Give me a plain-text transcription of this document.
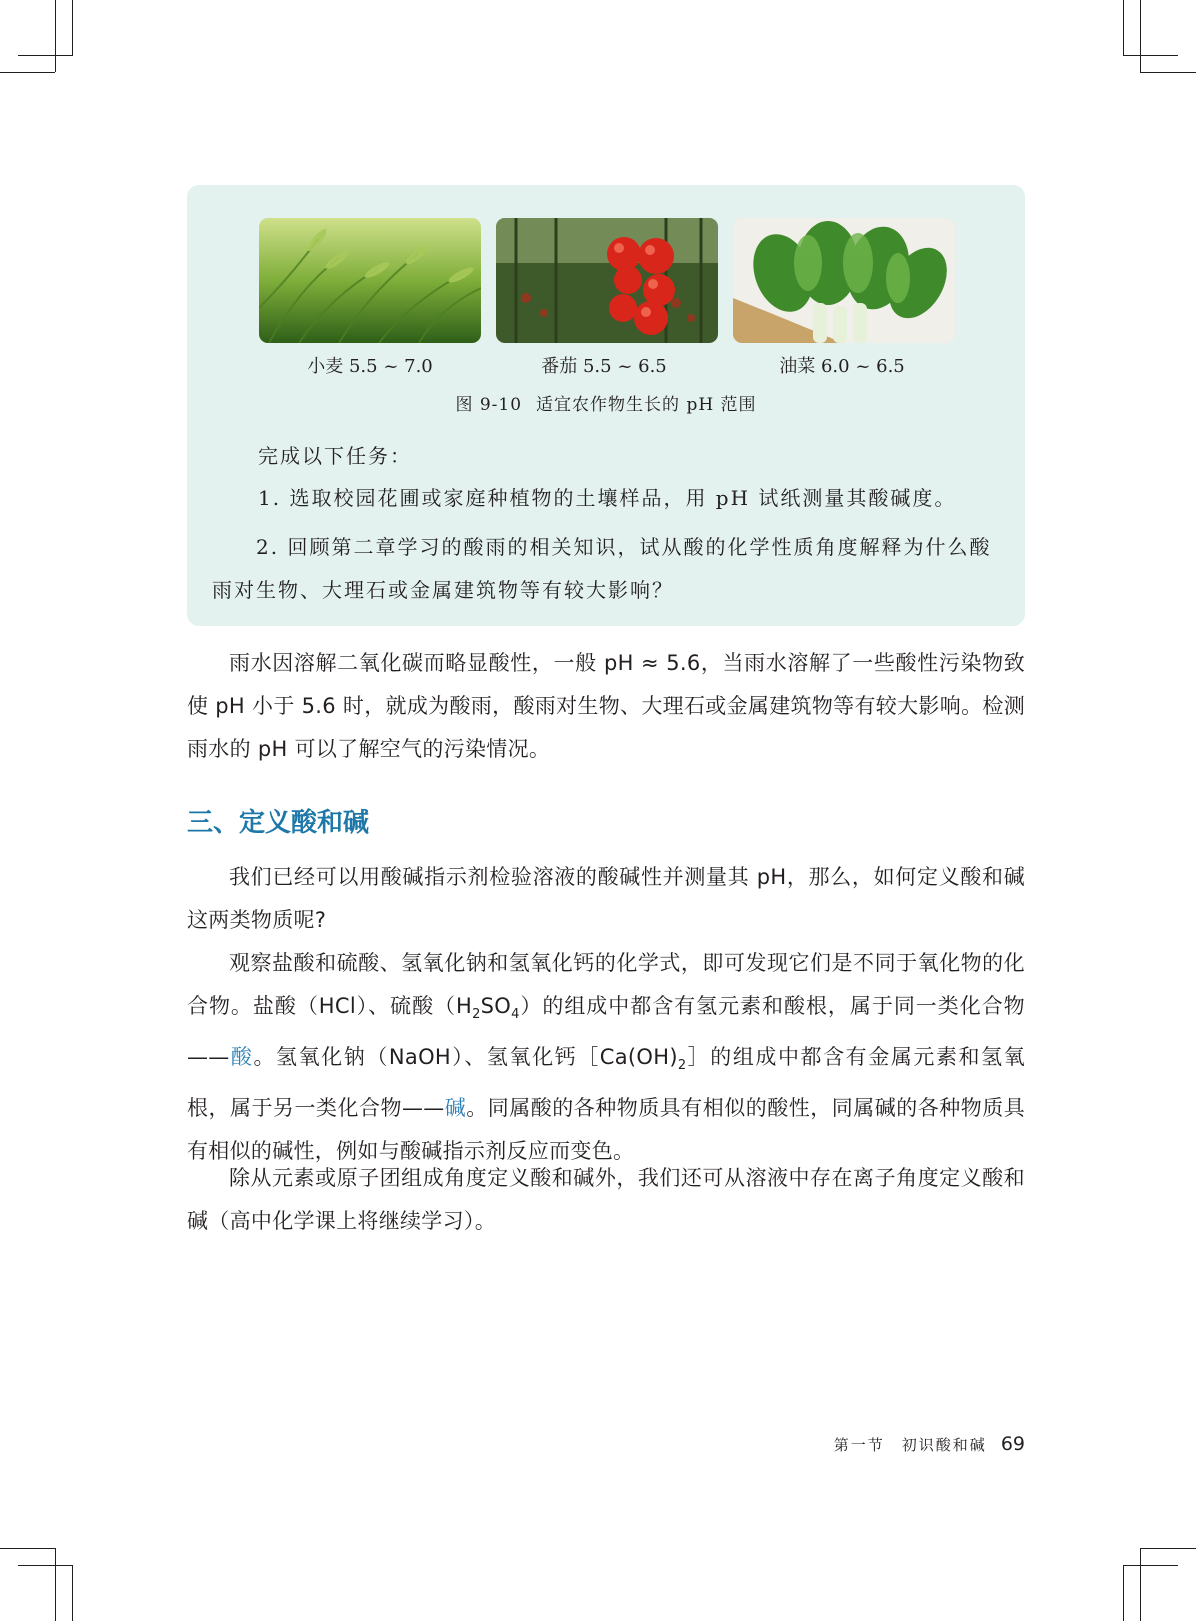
小麦 5.5 ~ 7.0	番茄 5.5 ~ 6.5	油菜 6.0 ~ 6.5
图 9-10 适宜农作物生长的 pH 范围
完成以下任务：
1. 选取校园花圃或家庭种植物的土壤样品，用 pH 试纸测量其酸碱度。
2. 回顾第二章学习的酸雨的相关知识，试从酸的化学性质角度解释为什么酸雨对生物、大理石或金属建筑物等有较大影响？
雨水因溶解二氧化碳而略显酸性，一般 pH ≈ 5.6，当雨水溶解了一些酸性污染物致使 pH 小于 5.6 时，就成为酸雨，酸雨对生物、大理石或金属建筑物等有较大影响。检测雨水的 pH 可以了解空气的污染情况。
三、定义酸和碱
我们已经可以用酸碱指示剂检验溶液的酸碱性并测量其 pH，那么，如何定义酸和碱这两类物质呢?
观察盐酸和硫酸、氢氧化钠和氢氧化钙的化学式，即可发现它们是不同于氧化物的化合物。盐酸（HCl）、硫酸$(H_2SO_4)$的组成中都含有氢元素和酸根，属于同一类化合物——酸。氢氧化钠（NaOH）、氢氧化钙$[Ca(OH)_2]$的组成中都含有金属元素和氢氧根，属于另一类化合物——碱。同属酸的各种物质具有相似的酸性，同属碱的各种物质具有相似的碱性，例如与酸碱指示剂反应而变色。
除从元素或原子团组成角度定义酸和碱外，我们还可从溶液中存在离子角度定义酸和碱（高中化学课上将继续学习）。
第一节　初识酸和碱 69
